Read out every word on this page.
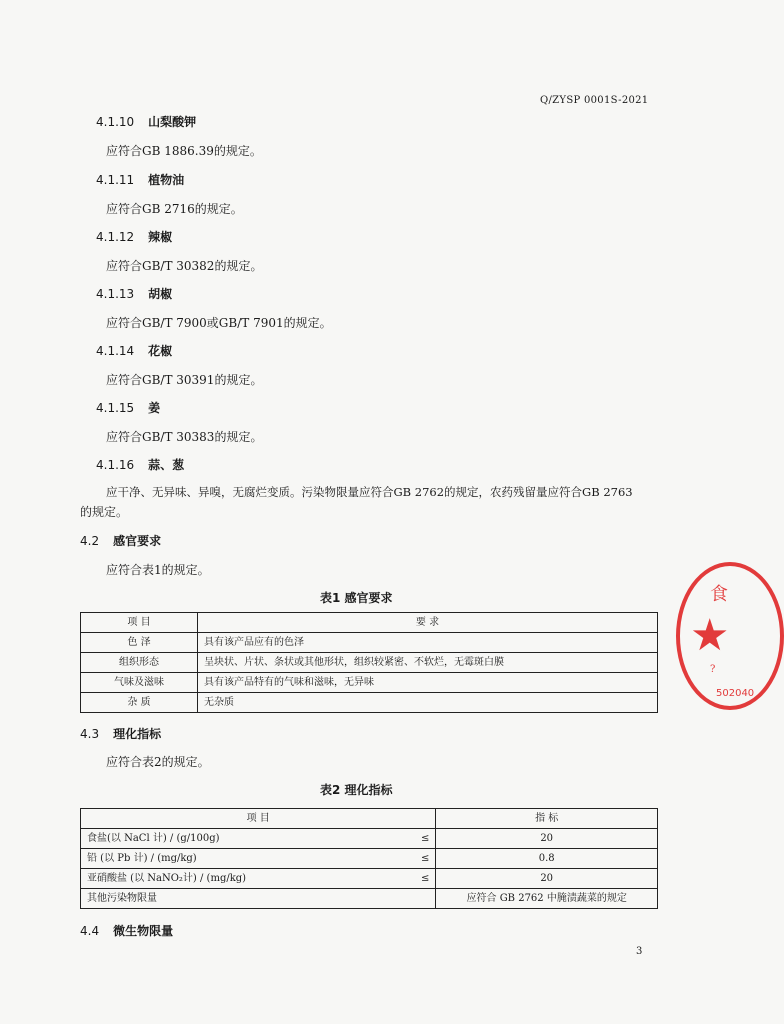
Q/ZYSP 0001S-2021
4.1.10 山梨酸钾
应符合GB 1886.39的规定。
4.1.11 植物油
应符合GB 2716的规定。
4.1.12 辣椒
应符合GB/T 30382的规定。
4.1.13 胡椒
应符合GB/T 7900或GB/T 7901的规定。
4.1.14 花椒
应符合GB/T 30391的规定。
4.1.15 姜
应符合GB/T 30383的规定。
4.1.16 蒜、葱
应干净、无异味、异嗅，无腐烂变质。污染物限量应符合GB 2762的规定，农药残留量应符合GB 2763
的规定。
4.2 感官要求
应符合表1的规定。
表1 感官要求
项 目	要 求
色 泽	具有该产品应有的色泽
组织形态	呈块状、片状、条状或其他形状，组织较紧密、不软烂，无霉斑白膜
气味及滋味	具有该产品特有的气味和滋味，无异味
杂 质	无杂质
4.3 理化指标
应符合表2的规定。
表2 理化指标
项 目		指 标
食盐(以 NaCl 计) / (g/100g)	≤	20
铅 (以 Pb 计) / (mg/kg)	≤	0.8
亚硝酸盐 (以 NaNO₂计) / (mg/kg)	≤	20
其他污染物限量		应符合 GB 2762 中腌渍蔬菜的规定
4.4 微生物限量
食
★
?
502040
3
